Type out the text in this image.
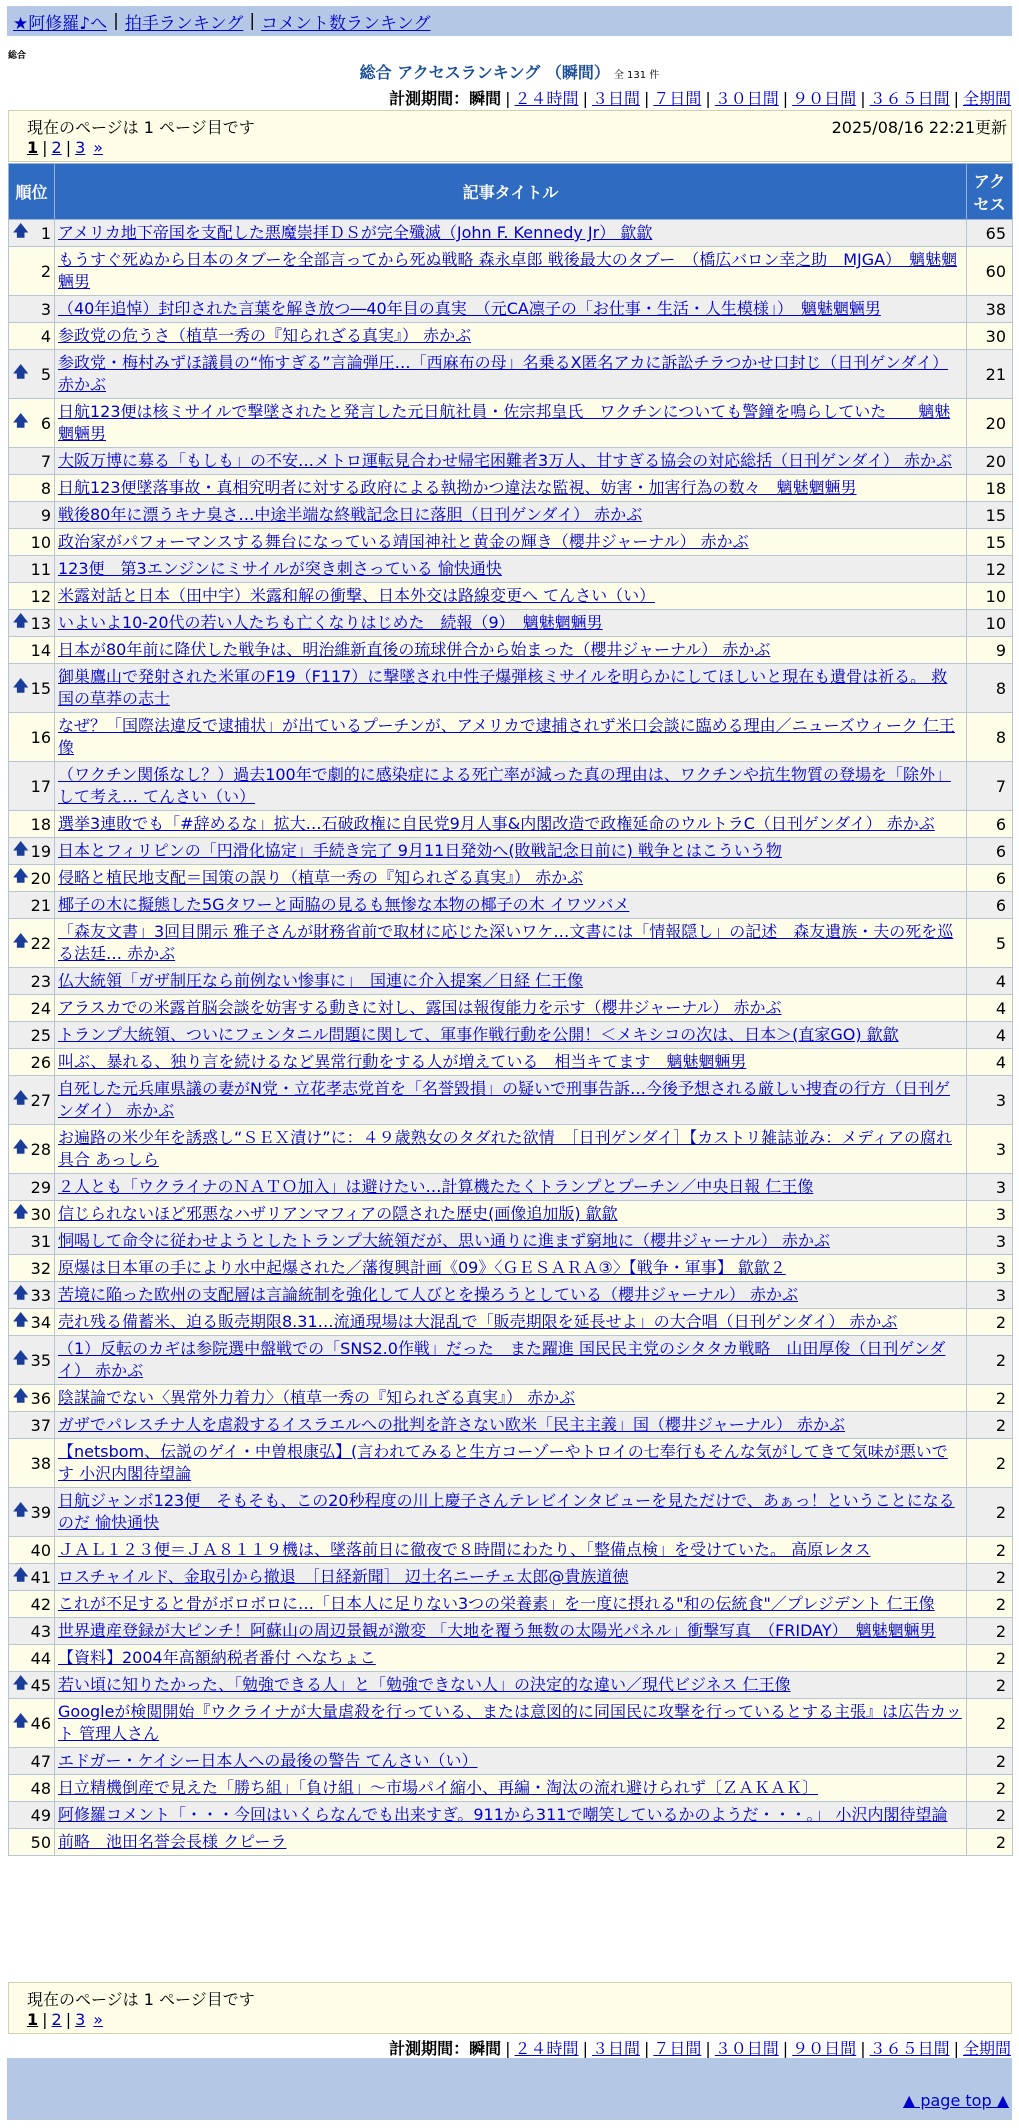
★阿修羅♪へ | 拍手ランキング | コメント数ランキング
総合
総合 アクセスランキング （瞬間） 全 131 件
計測期間：瞬間 | ２４時間 | ３日間 | ７日間 | ３０日間 | ９０日間 | ３６５日間 | 全期間
現在のページは 1 ページ目です	2025/08/16 22:21更新
1 | 2 | 3 »
順位	記事タイトル	アクセス

🡅 1	アメリカ地下帝国を支配した悪魔崇拝ＤＳが完全殲滅（John F. Kennedy Jr） 歙歙	65
2	もうすぐ死ぬから日本のタブーを全部言ってから死ぬ戦略 森永卓郎 戦後最大のタブー　（橋広バロン幸之助　MJGA）　魑魅魍魎男	60
3	（40年追悼）封印された言葉を解き放つ―40年目の真実　（元CA凛子の「お仕事・生活・人生模様」）　魑魅魍魎男	38
4	参政党の危うさ（植草一秀の『知られざる真実』） 赤かぶ	30

🡅 5	参政党・梅村みずほ議員の“怖すぎる”言論弾圧…「西麻布の母」名乗るX匿名アカに訴訟チラつかせ口封じ（日刊ゲンダイ） 赤かぶ	21

🡅 6	日航123便は核ミサイルで撃墜されたと発言した元日航社員・佐宗邦皇氏　ワクチンについても警鐘を鳴らしていた　　魑魅魍魎男	20
7	大阪万博に募る「もしも」の不安…メトロ運転見合わせ帰宅困難者3万人、甘すぎる協会の対応総括（日刊ゲンダイ） 赤かぶ	20
8	日航123便墜落事故・真相究明者に対する政府による執拗かつ違法な監視、妨害・加害行為の数々　魑魅魍魎男	18
9	戦後80年に漂うキナ臭さ…中途半端な終戦記念日に落胆（日刊ゲンダイ） 赤かぶ	15
10	政治家がパフォーマンスする舞台になっている靖国神社と黄金の輝き（櫻井ジャーナル） 赤かぶ	15
11	123便　第3エンジンにミサイルが突き刺さっている 愉快通快	12
12	米露対話と日本（田中宇）米露和解の衝撃、日本外交は路線変更へ てんさい（い）	10

🡅 13	いよいよ10-20代の若い人たちも亡くなりはじめた　続報（9）　魑魅魍魎男	10
14	日本が80年前に降伏した戦争は、明治維新直後の琉球併合から始まった（櫻井ジャーナル） 赤かぶ	9

🡅 15	御巣鷹山で発射された米軍のF19（F117）に撃墜され中性子爆弾核ミサイルを明らかにしてほしいと現在も遺骨は祈る。 救国の草莽の志士	8
16	なぜ？「国際法違反で逮捕状」が出ているプーチンが、アメリカで逮捕されず米口会談に臨める理由／ニューズウィーク 仁王像	8
17	（ワクチン関係なし？）過去100年で劇的に感染症による死亡率が減った真の理由は、ワクチンや抗生物質の登場を「除外」して考え… てんさい（い）	7
18	選挙3連敗でも「#辞めるな」拡大…石破政権に自民党9月人事&内閣改造で政権延命のウルトラC（日刊ゲンダイ） 赤かぶ	6

🡅 19	日本とフィリピンの「円滑化協定」手続き完了 9月11日発効へ(敗戦記念日前に) 戦争とはこういう物	6

🡅 20	侵略と植民地支配＝国策の誤り（植草一秀の『知られざる真実』） 赤かぶ	6
21	椰子の木に擬態した5Gタワーと両脇の見るも無惨な本物の椰子の木 イワツバメ	6

🡅 22	「森友文書」3回目開示 雅子さんが財務省前で取材に応じた深いワケ…文書には「情報隠し」の記述　森友遺族・夫の死を巡る法廷… 赤かぶ	5
23	仏大統領「ガザ制圧なら前例ない惨事に」　国連に介入提案／日経 仁王像	4
24	アラスカでの米露首脳会談を妨害する動きに対し、露国は報復能力を示す（櫻井ジャーナル） 赤かぶ	4
25	トランプ大統領、ついにフェンタニル問題に関して、軍事作戦行動を公開！＜メキシコの次は、日本＞(直家GO) 歙歙	4
26	叫ぶ、暴れる、独り言を続けるなど異常行動をする人が増えている　相当キてます　魑魅魍魎男	4

🡅 27	自死した元兵庫県議の妻がN党・立花孝志党首を「名誉毀損」の疑いで刑事告訴…今後予想される厳しい捜査の行方（日刊ゲンダイ） 赤かぶ	3

🡅 28	お遍路の米少年を誘惑し“ＳＥＸ漬け”に：４９歳熟女のタダれた欲情　［日刊ゲンダイ］【カストリ雑誌並み：メディアの腐れ具合 あっしら	3
29	２人とも「ウクライナのＮＡＴＯ加入」は避けたい…計算機たたくトランプとプーチン／中央日報 仁王像	3

🡅 30	信じられないほど邪悪なハザリアンマフィアの隠された歴史(画像追加版) 歙歙	3
31	恫喝して命令に従わせようとしたトランプ大統領だが、思い通りに進まず窮地に（櫻井ジャーナル） 赤かぶ	3
32	原爆は日本軍の手により水中起爆された／藩復興計画《09》〈ＧＥＳＡＲＡ③〉【戦争・軍事】 歙歙２	3

🡅 33	苦境に陥った欧州の支配層は言論統制を強化して人びとを操ろうとしている（櫻井ジャーナル） 赤かぶ	3

🡅 34	売れ残る備蓄米、迫る販売期限8.31…流通現場は大混乱で「販売期限を延長せよ」の大合唱（日刊ゲンダイ） 赤かぶ	2

🡅 35	（1）反転のカギは参院選中盤戦での「SNS2.0作戦」だった　また躍進 国民民主党のシタタカ戦略　山田厚俊（日刊ゲンダイ） 赤かぶ	2

🡅 36	陰謀論でない〈異常外力着力〉（植草一秀の『知られざる真実』） 赤かぶ	2
37	ガザでパレスチナ人を虐殺するイスラエルへの批判を許さない欧米「民主主義」国（櫻井ジャーナル） 赤かぶ	2
38	【netsbom、伝説のゲイ・中曽根康弘】(言われてみると生方コーゾーやトロイの七奉行もそんな気がしてきて気味が悪いです 小沢内閣待望論	2

🡅 39	日航ジャンボ123便　そもそも、この20秒程度の川上慶子さんテレビインタビューを見ただけで、あぁっ！ということになるのだ 愉快通快	2
40	ＪＡＬ１２３便＝ＪＡ８１１９機は、墜落前日に徹夜で８時間にわたり、「整備点検」を受けていた。 高原レタス	2

🡅 41	ロスチャイルド、金取引から撤退　［日経新聞］ 辺土名ニーチェ太郎@貴族道徳	2
42	これが不足すると骨がボロボロに…「日本人に足りない3つの栄養素」を一度に摂れる"和の伝統食"／プレジデント 仁王像	2
43	世界遺産登録が大ピンチ！阿蘇山の周辺景観が激変 「大地を覆う無数の太陽光パネル」衝撃写真　（FRIDAY）　魑魅魍魎男	2
44	【資料】2004年高額納税者番付 へなちょこ	2

🡅 45	若い頃に知りたかった、「勉強できる人」と「勉強できない人」の決定的な違い／現代ビジネス 仁王像	2

🡅 46	Googleが検閲開始『ウクライナが大量虐殺を行っている、または意図的に同国民に攻撃を行っているとする主張』は広告カット 管理人さん	2
47	エドガー・ケイシー日本人への最後の警告 てんさい（い）	2
48	日立精機倒産で見えた「勝ち組」「負け組」～市場パイ縮小、再編・淘汰の流れ避けられず〔ＺＡＫＡＫ〕	2
49	阿修羅コメント「・・・今回はいくらなんでも出来すぎ。911から311で嘲笑しているかのようだ・・・。」 小沢内閣待望論	2
50	前略　池田名誉会長様 クピーラ	2
現在のページは 1 ページ目です
1 | 2 | 3 »
計測期間：瞬間 | ２４時間 | ３日間 | ７日間 | ３０日間 | ９０日間 | ３６５日間 | 全期間
▲ page top ▲
